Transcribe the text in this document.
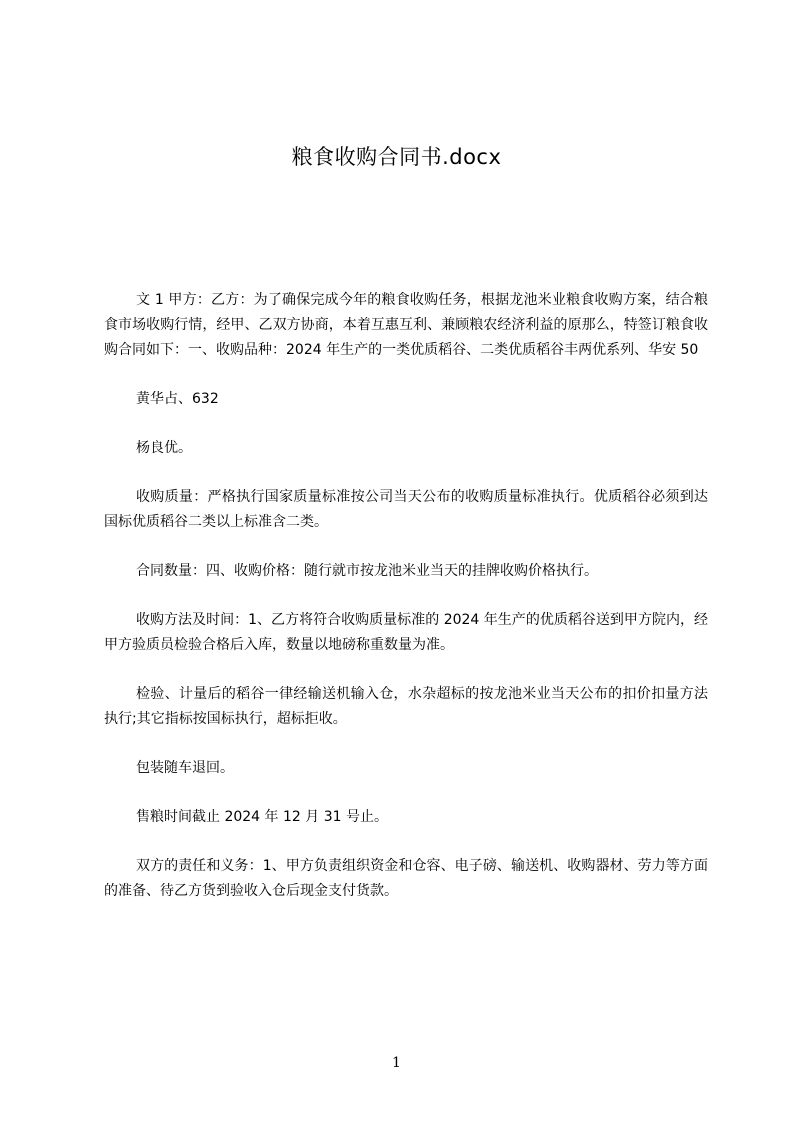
粮食收购合同书.docx

文 1 甲方：乙方：为了确保完成今年的粮食收购任务，根据龙池米业粮食收购方案，结合粮食市场收购行情，经甲、乙双方协商，本着互惠互利、兼顾粮农经济利益的原那么，特签订粮食收购合同如下：一、收购品种：2024 年生产的一类优质稻谷、二类优质稻谷丰两优系列、华安 50

黄华占、632

杨良优。

收购质量：严格执行国家质量标准按公司当天公布的收购质量标准执行。优质稻谷必须到达国标优质稻谷二类以上标准含二类。

合同数量：四、收购价格：随行就市按龙池米业当天的挂牌收购价格执行。

收购方法及时间：1、乙方将符合收购质量标准的 2024 年生产的优质稻谷送到甲方院内，经甲方验质员检验合格后入库，数量以地磅称重数量为准。

检验、计量后的稻谷一律经输送机输入仓，水杂超标的按龙池米业当天公布的扣价扣量方法执行;其它指标按国标执行，超标拒收。

包装随车退回。

售粮时间截止 2024 年 12 月 31 号止。

双方的责任和义务：1、甲方负责组织资金和仓容、电子磅、输送机、收购器材、劳力等方面的准备、待乙方货到验收入仓后现金支付货款。

1
